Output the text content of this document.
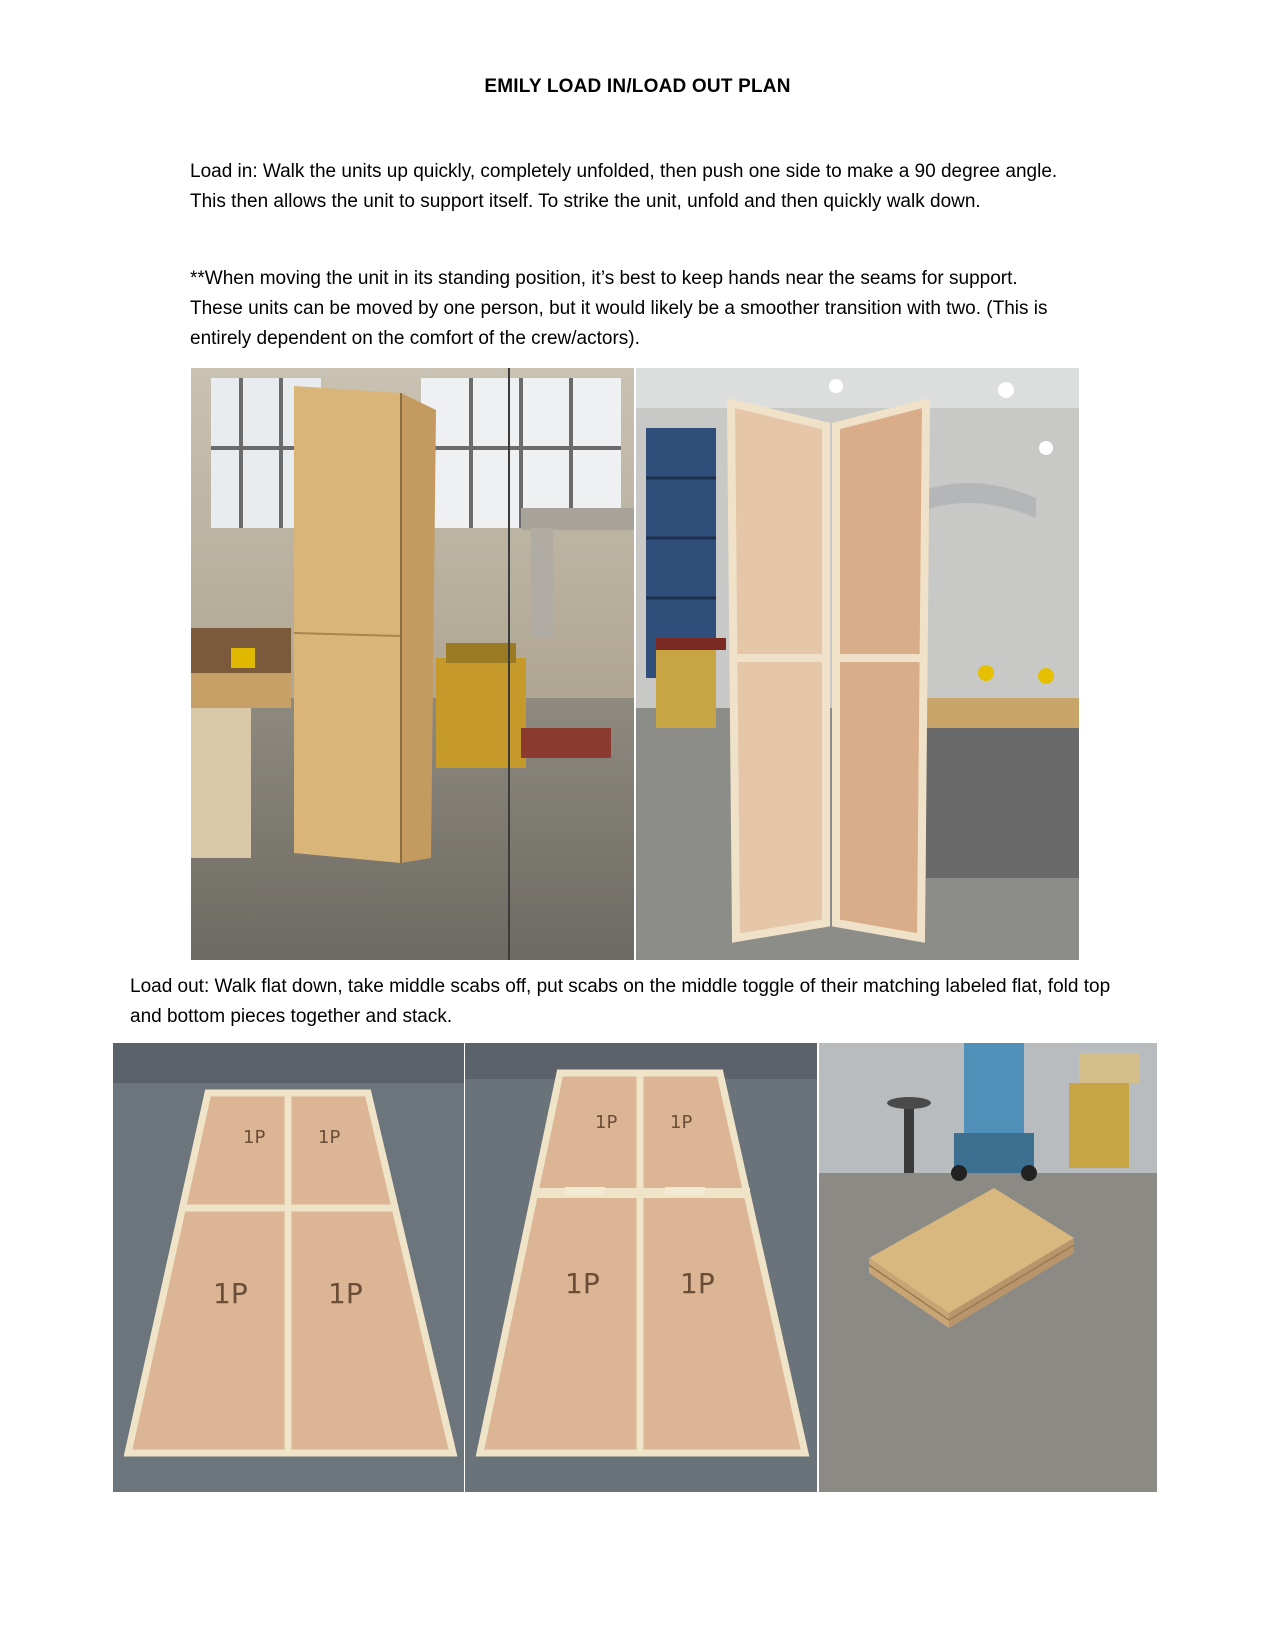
EMILY LOAD IN/LOAD OUT PLAN

Load in: Walk the units up quickly, completely unfolded, then push one side to make a 90 degree angle. This then allows the unit to support itself. To strike the unit, unfold and then quickly walk down.

**When moving the unit in its standing position, it’s best to keep hands near the seams for support. These units can be moved by one person, but it would likely be a smoother transition with two. (This is entirely dependent on the comfort of the crew/actors).

Load out: Walk flat down, take middle scabs off, put scabs on the middle toggle of their matching labeled flat, fold top and bottom pieces together and stack.

1P	1P
1P	1P
1P	1P
1P	1P
